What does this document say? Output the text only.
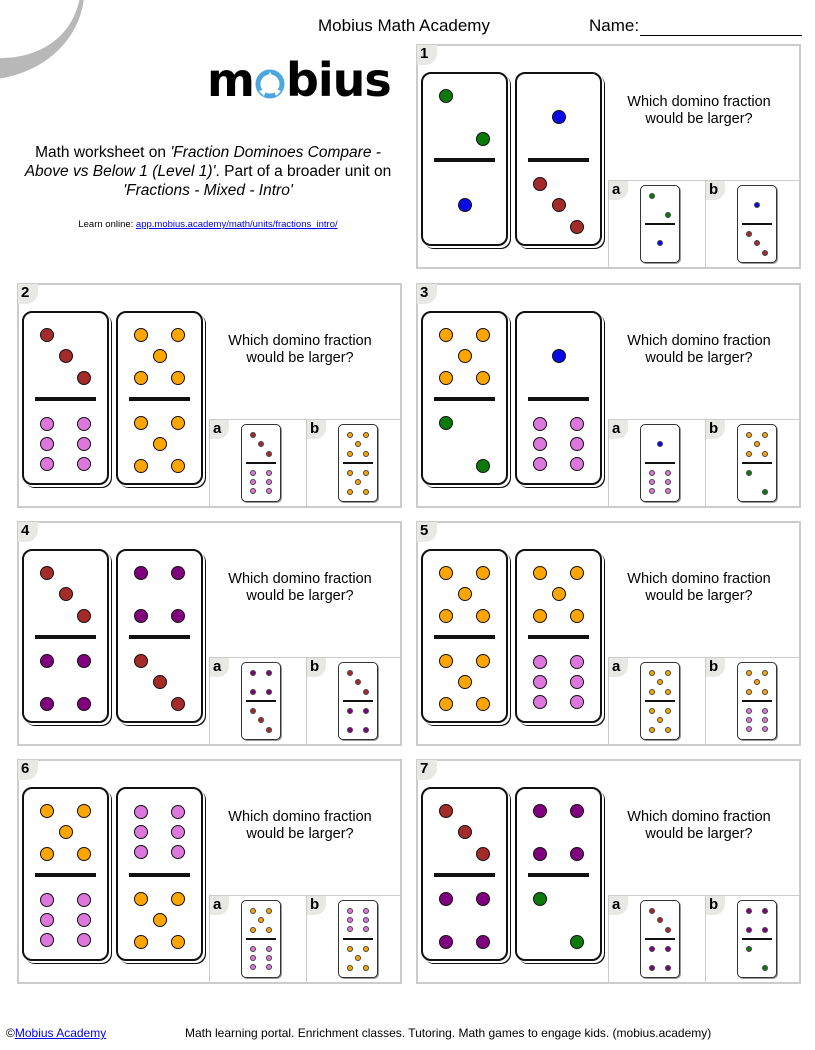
Mobius Math Academy	Name:
m bius
Math worksheet on 'Fraction Dominoes Compare - Above vs Below 1 (Level 1)'. Part of a broader unit on 'Fractions - Mixed - Intro'
Learn online: app.mobius.academy/math/units/fractions_intro/
1
Which domino fraction would be larger?
a	b
2
Which domino fraction would be larger?
a	b
3
Which domino fraction would be larger?
a	b
4
Which domino fraction would be larger?
a	b
5
Which domino fraction would be larger?
a	b
6
Which domino fraction would be larger?
a	b
7
Which domino fraction would be larger?
a	b
©Mobius Academy	Math learning portal. Enrichment classes. Tutoring. Math games to engage kids. (mobius.academy)
